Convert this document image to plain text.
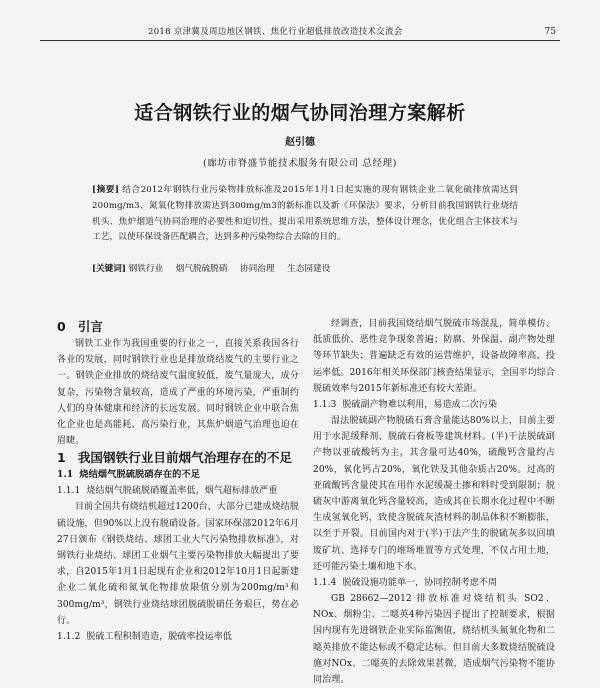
2018 京津冀及周边地区钢铁、焦化行业超低排放改造技术交流会	75
适合钢铁行业的烟气协同治理方案解析
赵引德
(廊坊市脊盛节能技术服务有限公司 总经理)
[摘要] 结合2012年钢铁行业污染物排放标准及2015年1月1日起实施的现有钢铁企业二氧化硫排放需达到200mg/m3、氮氧化物排放需达到300mg/m3的新标准以及新《环保法》要求，分析目前我国钢铁行业烧结机头、焦炉烟道气协同治理的必要性和迫切性，提出采用系统思维方法，整体设计理念，优化组合主体技术与工艺，以使环保设备匹配耦合，达到多种污染物综合去除的目的。
[关键词] 钢铁行业 烟气脱硫脱硝 协同治理 生态园建设
0 引言

钢铁工业作为我国重要的行业之一，直接关系我国各行各业的发展，同时钢铁行业也是排放烧结废气的主要行业之一。钢铁企业排放的烧结废气温度较低，废气量庞大，成分复杂，污染物含量较高，造成了严重的环境污染，严重制约人们的身体健康和经济的长远发展。同时钢铁企业中联合焦化企业也是高能耗、高污染行业，其焦炉烟道气治理也迫在眉睫。

1 我国钢铁行业目前烟气治理存在的不足
1.1 烧结烟气脱硫脱硝存在的不足
1.1.1 烧结烟气脱硫脱硝覆盖率低，烟气超标排放严重

目前全国共有烧结机超过1200台，大部分已建成烧结脱硫设施，但90%以上没有脱硝设备。国家环保部2012年6月27日颁布《钢铁烧结、球团工业大气污染物排放标准》，对钢铁行业烧结、球团工业烟气主要污染物排放大幅提出了要求，自2015年1月1日起现有企业和2012年10月1日起新建企业二氧化硫和氮氧化物排放限值分别为200mg/m³和300mg/m³，钢铁行业烧结球团脱硫脱硝任务艰巨，势在必行。

1.1.2 脱硫工程积制造造，脱硫率投运率低

经调查，目前我国烧结烟气脱硫市场混乱，简单模仿、低质低价、恶性竞争现象普遍；防腐、外保温、副产物处理等环节缺失；普遍缺乏有效的运营维护，设备故障率高，投运率低。2016年相关环保部门核查结果显示，全国平均综合脱硫效率与2015年新标准还有较大差距。

1.1.3 脱硫副产物难以利用，易造成二次污染

湿法脱硫副产物脱硫石膏含量能达80%以上，目前主要用于水泥缓释剂、脱硫石膏板等建筑材料。(半)干法脱硫副产物以亚硫酸钙为主，其含量可达40%，硫酸钙含量约占20%，氧化钙占20%，氧化铁及其他杂质占20%。过高的亚硫酸钙含量使其在用作水泥缓凝土掺和料时受到限制；脱硫灰中游离氧化钙含量较高，造成其在长期水化过程中不断生成氢氧化钙，致使含脱硫灰渣材料的制品体积不断膨胀，以至于开裂。目前国内对于(半)干法产生的脱硫灰多以回填废矿坑、选择专门的堆场堆置等方式处理，不仅占用土地，还可能污染土壤和地下水。

1.1.4 脱硫设施功能单一，协同控制考虑不周

GB 28662—2012 排放标准对烧结机头 SO2、NOx、烟粉尘、二噁英4种污染因子提出了控制要求，根据国内现有先进钢铁企业实际监测值，烧结机头氮氧化物和二噁英排放不能达标或不稳定达标。但目前大多数烧结脱硫设施对NOx、二噁英的去除效果甚微，造成烟气污染物不能协同治理。
